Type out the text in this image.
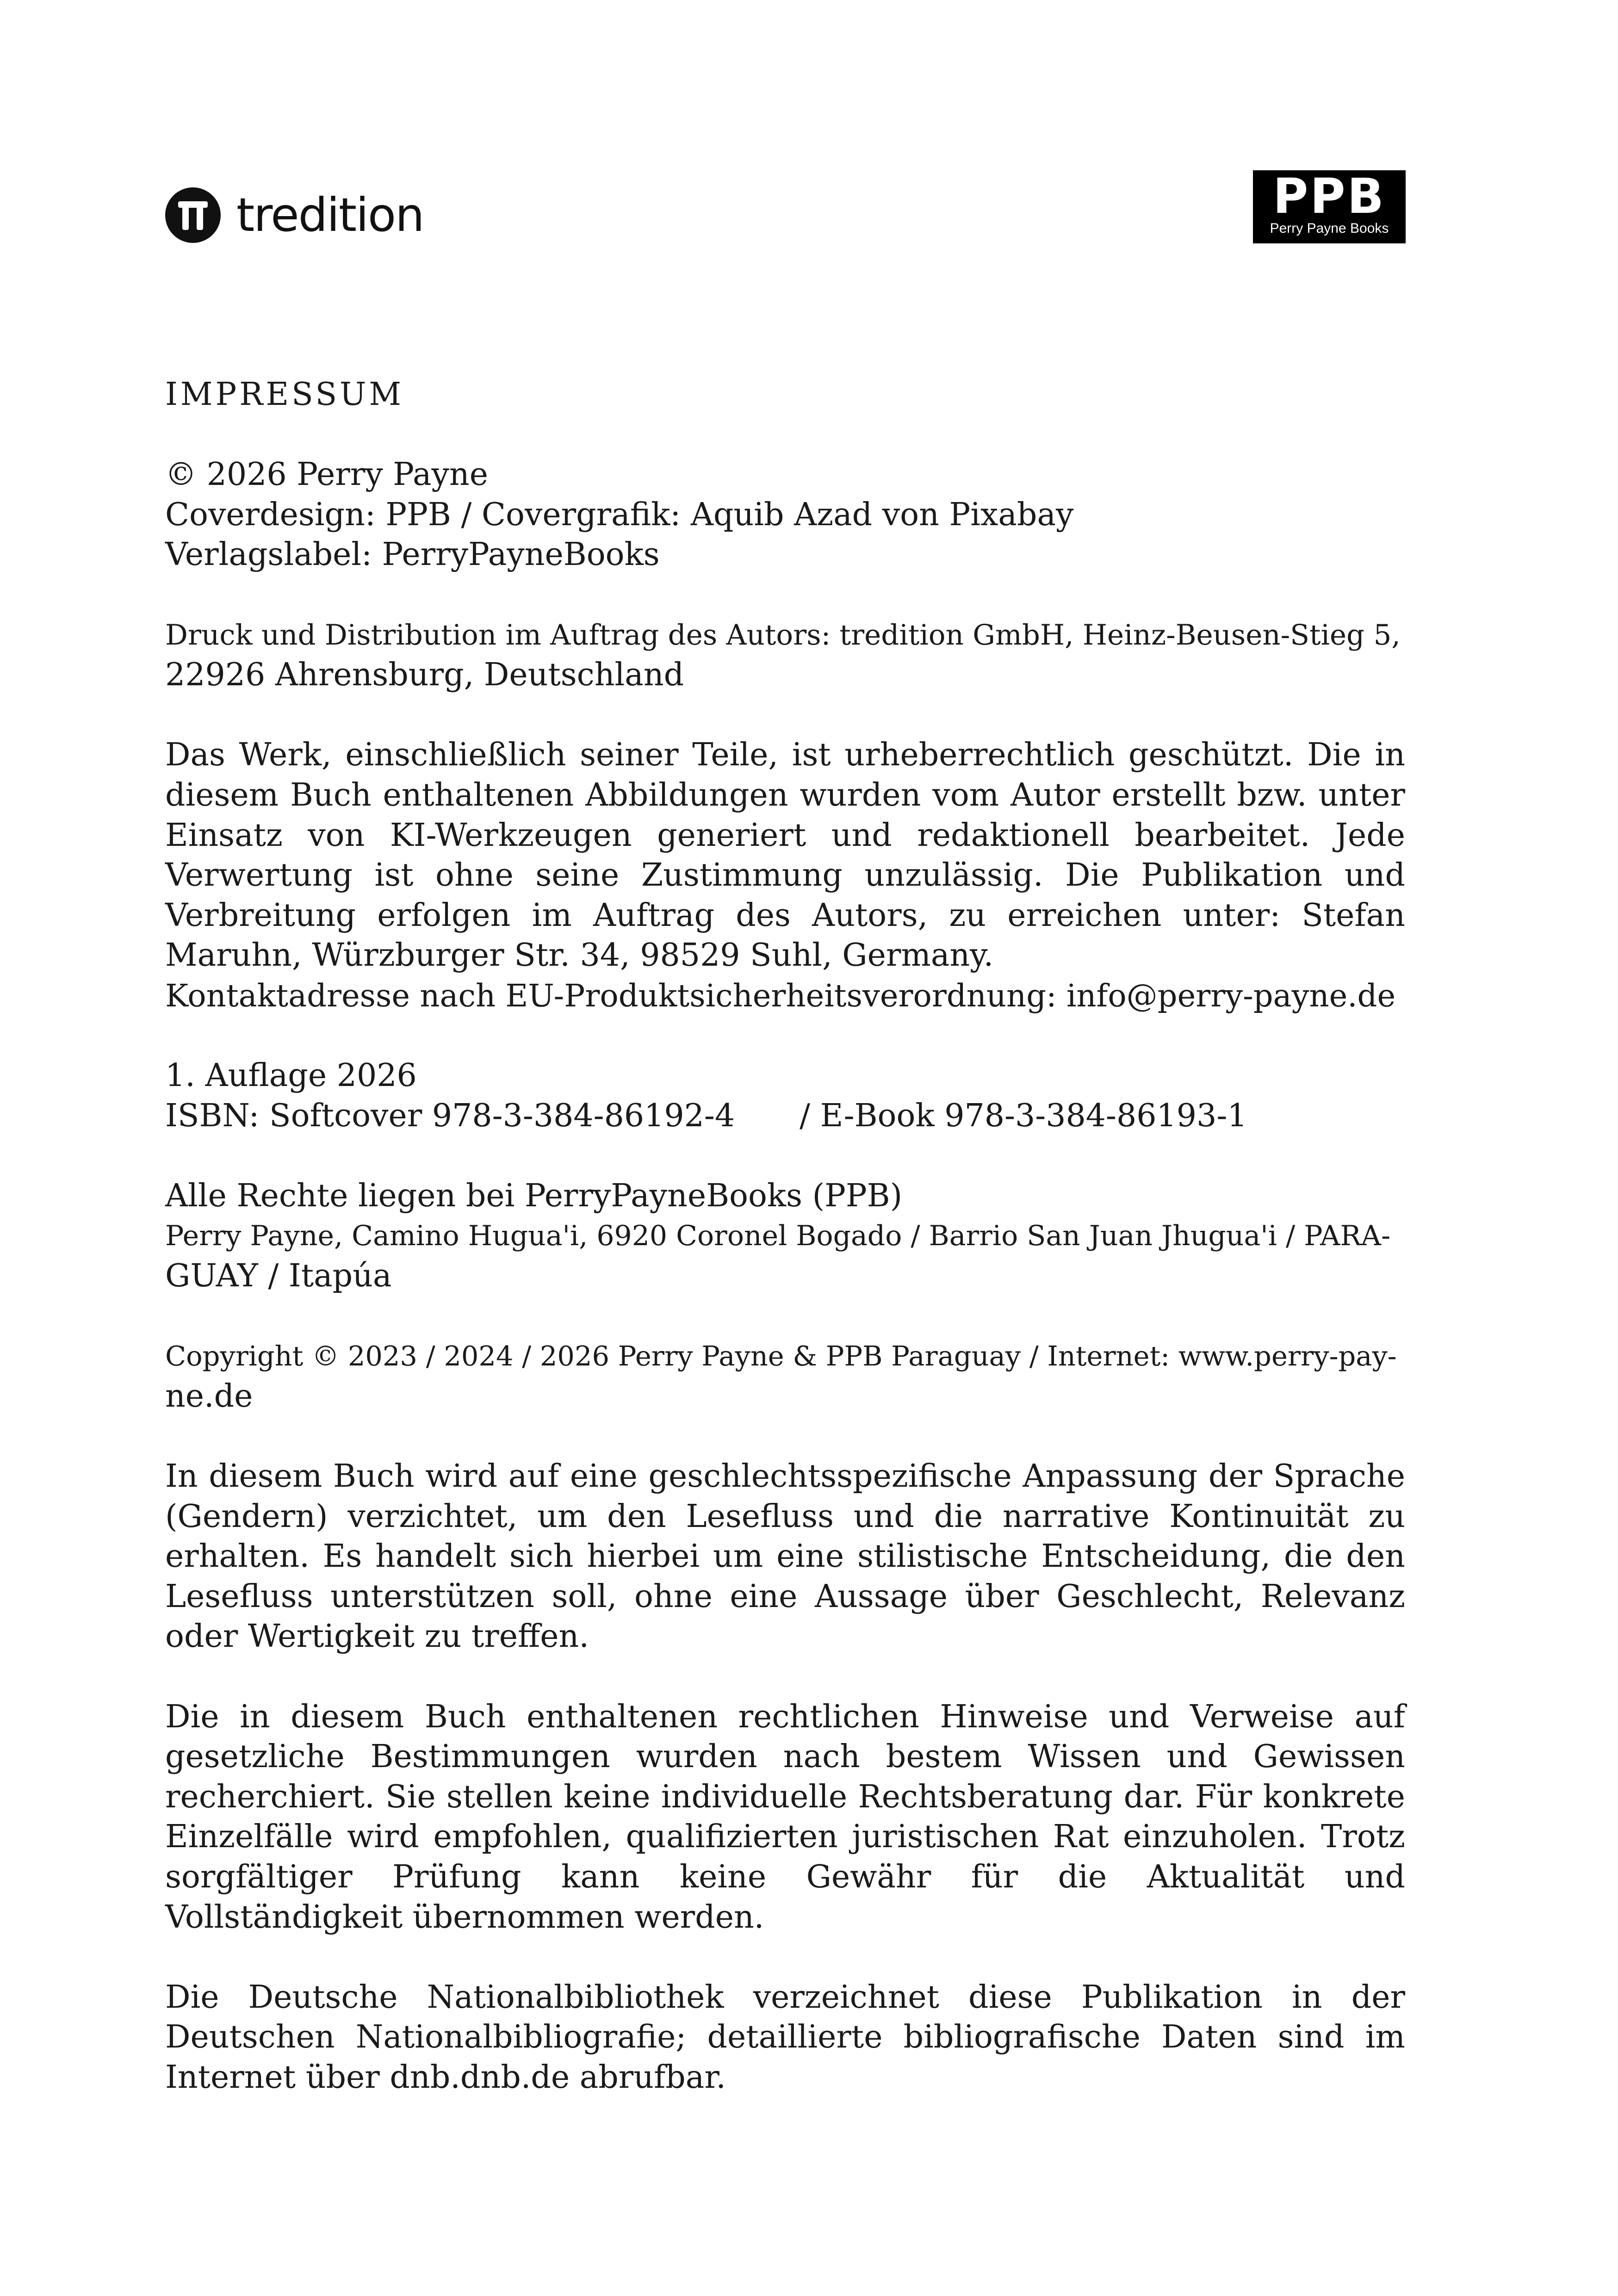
tredition	PPB
Perry Payne Books
IMPRESSUM

© 2026 Perry Payne
Coverdesign: PPB / Covergrafik: Aquib Azad von Pixabay
Verlagslabel: PerryPayneBooks

Druck und Distribution im Auftrag des Autors: tredition GmbH, Heinz-Beusen-Stieg 5,
22926 Ahrensburg, Deutschland

Das Werk, einschließlich seiner Teile, ist urheberrechtlich geschützt. Die in diesem Buch enthaltenen Abbildungen wurden vom Autor erstellt bzw. unter Einsatz von KI-Werkzeugen generiert und redaktionell bearbeitet. Jede Verwertung ist ohne seine Zustimmung unzulässig. Die Publikation und Verbreitung erfolgen im Auftrag des Autors, zu erreichen unter: Stefan Maruhn, Würzburger Str. 34, 98529 Suhl, Germany.
Kontaktadresse nach EU-Produktsicherheitsverordnung: info@perry-payne.de

1. Auflage 2026
ISBN: Softcover 978-3-384-86192-4 / E-Book 978-3-384-86193-1

Alle Rechte liegen bei PerryPayneBooks (PPB)
Perry Payne, Camino Hugua'i, 6920 Coronel Bogado / Barrio San Juan Jhugua'i / PARA-
GUAY / Itapúa

Copyright © 2023 / 2024 / 2026 Perry Payne & PPB Paraguay / Internet: www.perry-pay-
ne.de

In diesem Buch wird auf eine geschlechtsspezifische Anpassung der Sprache (Gendern) verzichtet, um den Lesefluss und die narrative Kontinuität zu erhalten. Es handelt sich hierbei um eine stilistische Entscheidung, die den Lesefluss unterstützen soll, ohne eine Aussage über Geschlecht, Relevanz oder Wertigkeit zu treffen.

Die in diesem Buch enthaltenen rechtlichen Hinweise und Verweise auf gesetzliche Bestimmungen wurden nach bestem Wissen und Gewissen recherchiert. Sie stellen keine individuelle Rechtsberatung dar. Für konkrete Einzelfälle wird empfohlen, qualifizierten juristischen Rat einzuholen. Trotz sorgfältiger Prüfung kann keine Gewähr für die Aktualität und Vollständigkeit übernommen werden.

Die Deutsche Nationalbibliothek verzeichnet diese Publikation in der Deutschen Nationalbibliografie; detaillierte bibliografische Daten sind im Internet über dnb.dnb.de abrufbar.
